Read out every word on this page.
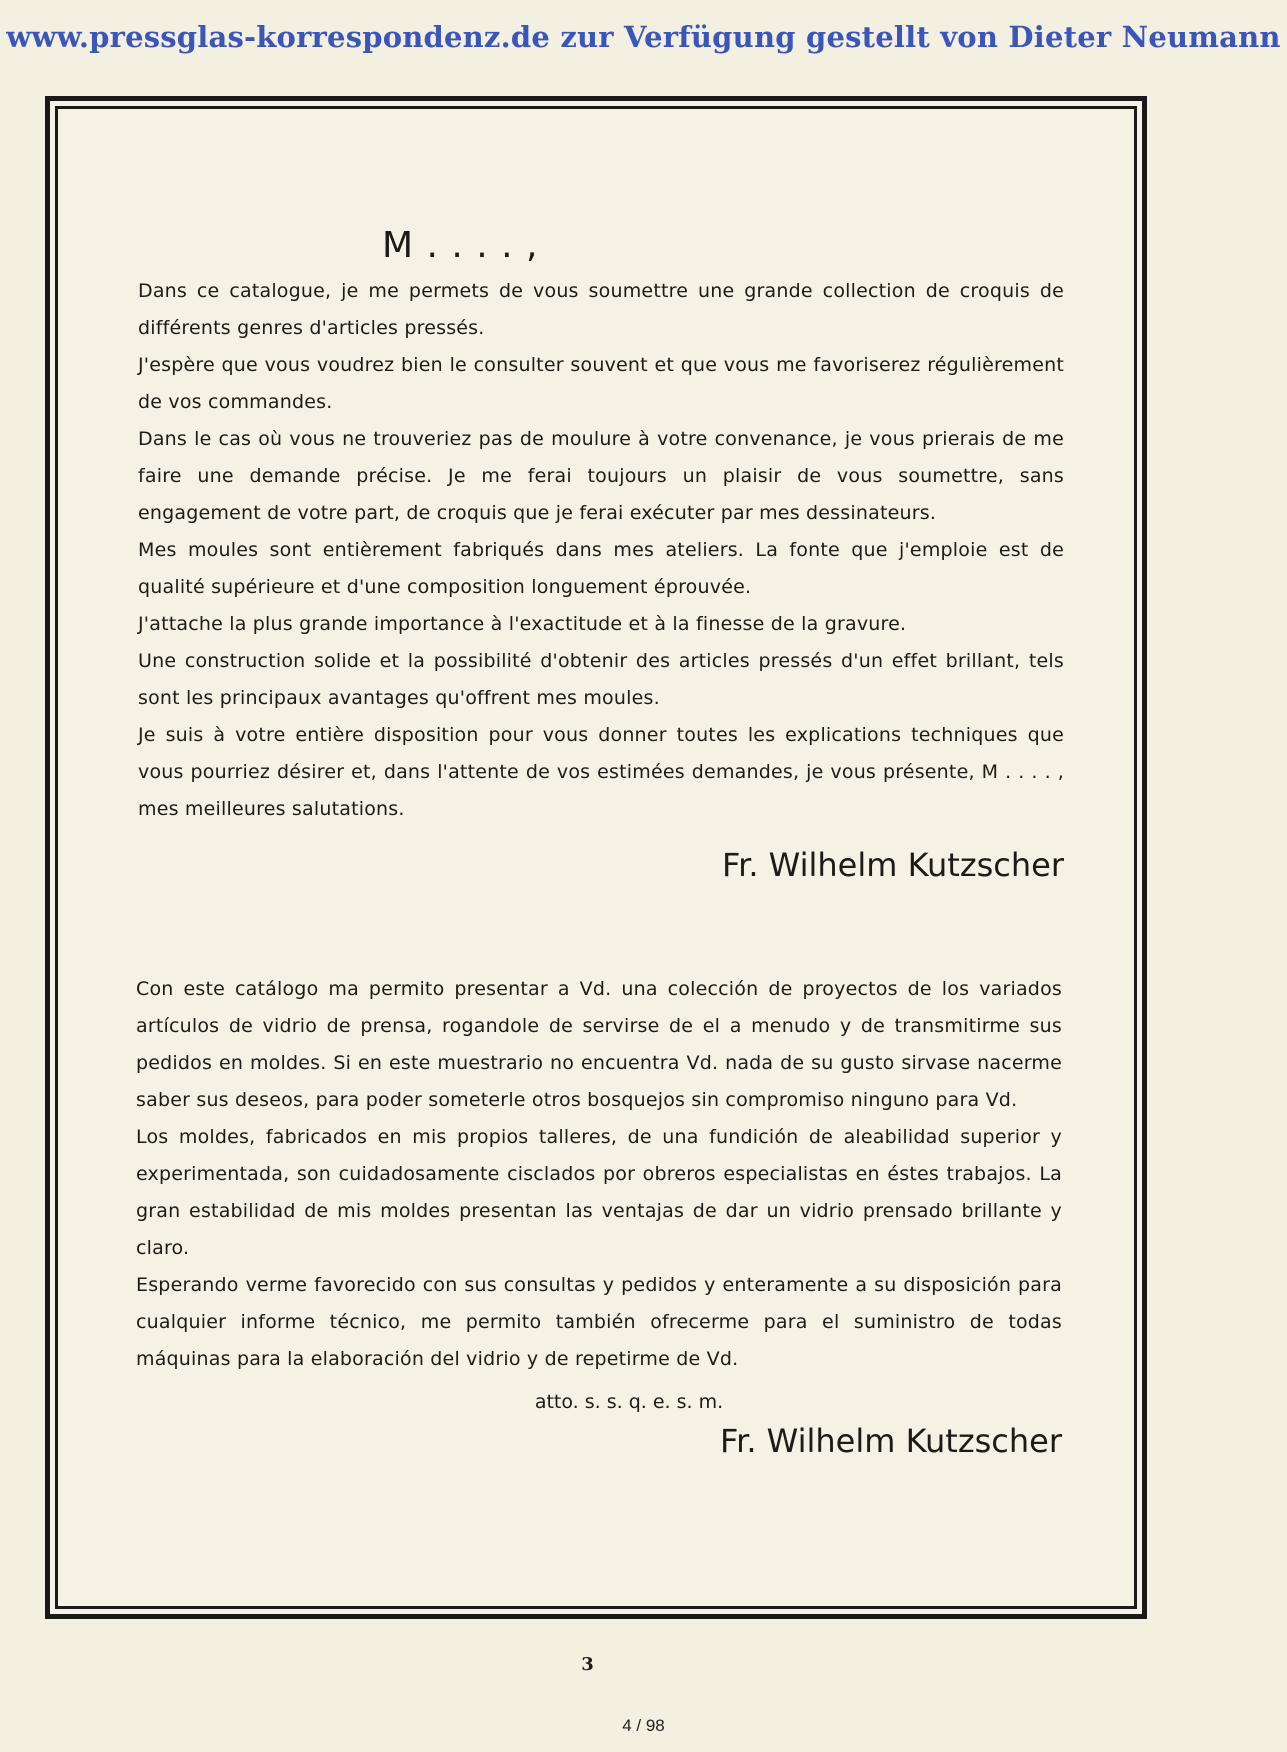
www.pressglas-korrespondenz.de zur Verfügung gestellt von Dieter Neumann
M . . . . ,

Dans ce catalogue, je me permets de vous soumettre une grande collection de croquis de différents genres d'articles pressés.

J'espère que vous voudrez bien le consulter souvent et que vous me favoriserez régulièrement de vos commandes.

Dans le cas où vous ne trouveriez pas de moulure à votre convenance, je vous prierais de me faire une demande précise. Je me ferai toujours un plaisir de vous soumettre, sans engagement de votre part, de croquis que je ferai exécuter par mes dessinateurs.

Mes moules sont entièrement fabriqués dans mes ateliers. La fonte que j'emploie est de qualité supérieure et d'une composition longuement éprouvée.

J'attache la plus grande importance à l'exactitude et à la finesse de la gravure.

Une construction solide et la possibilité d'obtenir des articles pressés d'un effet brillant, tels sont les principaux avantages qu'offrent mes moules.

Je suis à votre entière disposition pour vous donner toutes les explications techniques que vous pourriez désirer et, dans l'attente de vos estimées demandes, je vous présente, M . . . . , mes meilleures salutations.

Fr. Wilhelm Kutzscher

Con este catálogo ma permito presentar a Vd. una colección de proyectos de los variados artículos de vidrio de prensa, rogandole de servirse de el a menudo y de transmitirme sus pedidos en moldes. Si en este muestrario no encuentra Vd. nada de su gusto sirvase nacerme saber sus deseos, para poder someterle otros bosquejos sin compromiso ninguno para Vd.

Los moldes, fabricados en mis propios talleres, de una fundición de aleabilidad superior y experimentada, son cuidadosamente cisclados por obreros especialistas en éstes trabajos. La gran estabilidad de mis moldes presentan las ventajas de dar un vidrio prensado brillante y claro.

Esperando verme favorecido con sus consultas y pedidos y enteramente a su disposición para cualquier informe técnico, me permito también ofrecerme para el suministro de todas máquinas para la elaboración del vidrio y de repetirme de Vd.

atto. s. s. q. e. s. m.
Fr. Wilhelm Kutzscher
3
4 / 98
